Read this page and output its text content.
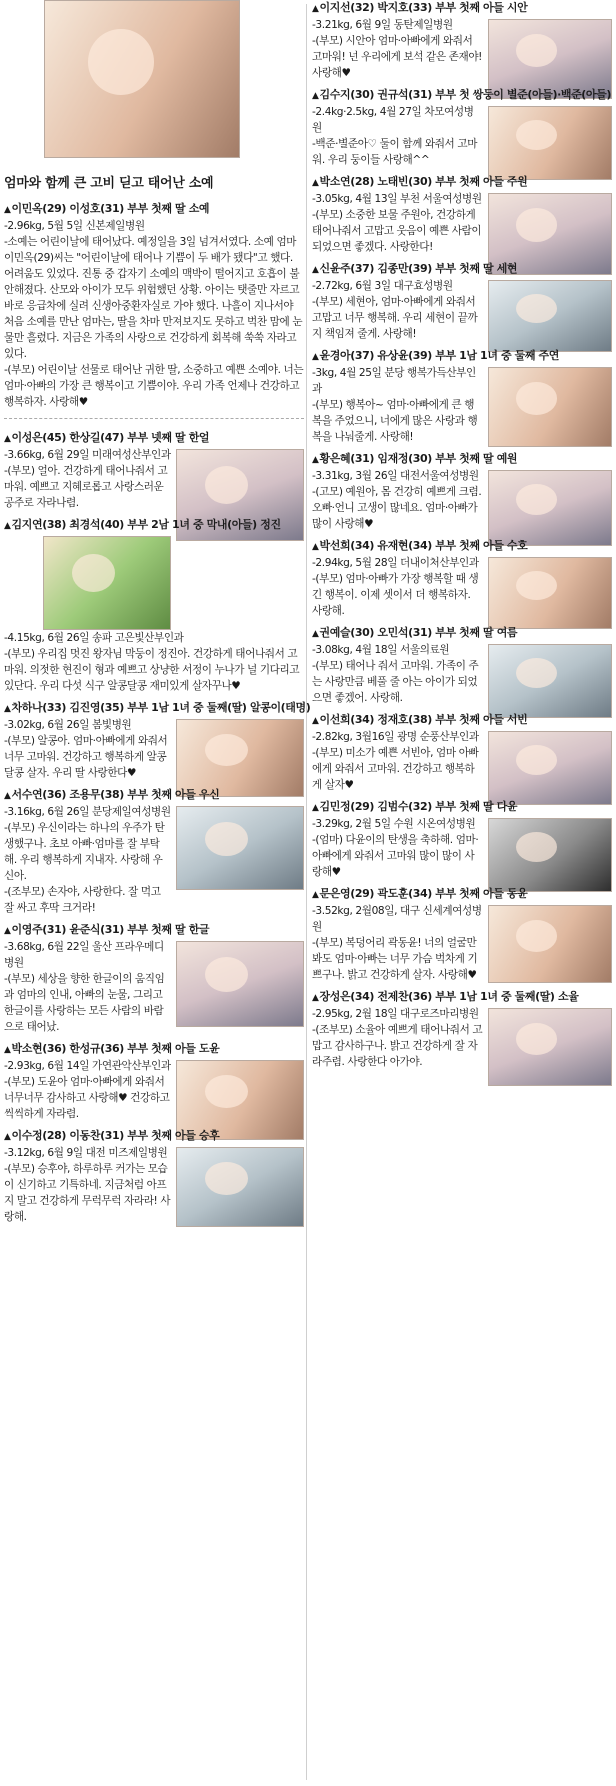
엄마와 함께 큰 고비 딛고 태어난 소예
▲이민옥(29) 이성호(31) 부부 첫째 딸 소예
-2.96kg, 5월 5일 신본제일병원
-소예는 어린이날에 태어났다. 예정일을 3일 넘겨서였다. 소예 엄마 이민옥(29)씨는 "어린이날에 태어나 기쁨이 두 배가 됐다"고 했다. 어려움도 있었다. 진통 중 갑자기 소예의 맥박이 떨어지고 호흡이 불안해졌다. 산모와 아이가 모두 위험했던 상황. 아이는 탯줄만 자르고 바로 응급차에 실려 신생아중환자실로 가야 했다. 나흘이 지나서야 처음 소예를 만난 엄마는, 딸을 차마 만져보지도 못하고 벅찬 맘에 눈물만 흘렸다. 지금은 가족의 사랑으로 건강하게 회복해 쑥쑥 자라고 있다.
-(부모) 어린이날 선물로 태어난 귀한 딸, 소중하고 예쁜 소예야. 너는 엄마·아빠의 가장 큰 행복이고 기쁨이야. 우리 가족 언제나 건강하고 행복하자. 사랑해♥
▲이성은(45) 한상길(47) 부부 넷째 딸 한얼
-3.66kg, 6월 29일 미래여성산부인과
-(부모) 얼아. 건강하게 태어나줘서 고마워. 예쁘고 지혜로롭고 사랑스러운 공주로 자라나렴.
▲김지연(38) 최경석(40) 부부 2남 1녀 중 막내(아들) 정진
-4.15kg, 6월 26일 송파 고은빛산부인과
-(부모) 우리집 멋진 왕자님 막둥이 정진아. 건강하게 태어나줘서 고마워. 의젓한 현진이 형과 예쁘고 상냥한 서정이 누나가 널 기다리고 있단다. 우리 다섯 식구 알콩달콩 재미있게 살자꾸나♥
▲차하나(33) 김진영(35) 부부 1남 1녀 중 둘째(딸) 알콩이(태명)
-3.02kg, 6월 26일 봄빛병원
-(부모) 알콩아. 엄마·아빠에게 와줘서 너무 고마워. 건강하고 행복하게 알콩달콩 살자. 우리 딸 사랑한다♥
▲서수연(36) 조용무(38) 부부 첫째 아들 우신
-3.16kg, 6월 26일 분당제일여성병원
-(부모) 우신이라는 하나의 우주가 탄생했구나. 초보 아빠·엄마를 잘 부탁해. 우리 행복하게 지내자. 사랑해 우신아.
-(조부모) 손자야, 사랑한다. 잘 먹고 잘 싸고 후딱 크거라!
▲이영주(31) 윤준식(31) 부부 첫째 딸 한글
-3.68kg, 6월 22일 울산 프라우메디병원
-(부모) 세상을 향한 한글이의 움직임과 엄마의 인내, 아빠의 눈물, 그리고 한글이를 사랑하는 모든 사람의 바람으로 태어났.
▲박소현(36) 한성규(36) 부부 첫째 아들 도윤
-2.93kg, 6월 14일 가연관악산부인과
-(부모) 도윤아 엄마·아빠에게 와줘서 너무너무 감사하고 사랑해♥ 건강하고 씩씩하게 자라렴.
▲이수정(28) 이동찬(31) 부부 첫째 아들 승후
-3.12kg, 6월 9일 대전 미즈제일병원
-(부모) 승후야, 하루하루 커가는 모습이 신기하고 기특하네. 지금처럼 아프지 말고 건강하게 무럭무럭 자라라! 사랑해.
▲이지선(32) 박지호(33) 부부 첫째 아들 시안
-3.21kg, 6월 9일 동탄제일병원
-(부모) 시안아 엄마·아빠에게 와줘서 고마워! 넌 우리에게 보석 같은 존재야! 사랑해♥
▲김수지(30) 권규석(31) 부부 첫 쌍둥이 별준(아들)·백준(아들)
-2.4kg·2.5kg, 4월 27일 차모여성병원
-백준·별준아♡ 둘이 함께 와줘서 고마워. 우리 둥이들 사랑해^^
▲박소연(28) 노태빈(30) 부부 첫째 아들 주원
-3.05kg, 4월 13일 부천 서울여성병원
-(부모) 소중한 보물 주원아, 건강하게 태어나줘서 고맙고 웃음이 예쁜 사람이 되었으면 좋겠다. 사랑한다!
▲신윤주(37) 김종만(39) 부부 첫째 딸 세현
-2.72kg, 6월 3일 대구효성병원
-(부모) 세현아, 엄마·아빠에게 와줘서 고맙고 너무 행복해. 우리 세현이 끝까지 책임져 줄게. 사랑해!
▲윤경아(37) 유상윤(39) 부부 1남 1녀 중 둘째 주연
-3kg, 4월 25일 분당 행복가득산부인과
-(부모) 행복아~ 엄마·아빠에게 큰 행복을 주었으니, 너에게 많은 사랑과 행복을 나눠줄게. 사랑해!
▲황은혜(31) 임재정(30) 부부 첫째 딸 예원
-3.31kg, 3월 26일 대전서울여성병원
-(고모) 예원아, 몸 건강히 예쁘게 크렴. 오빠·언니 고생이 많네요. 엄마·아빠가 많이 사랑해♥
▲박선희(34) 유재현(34) 부부 첫째 아들 수호
-2.94kg, 5월 28일 더내이처산부인과
-(부모) 엄마·아빠가 가장 행복할 때 생긴 행복이. 이제 셋이서 더 행복하자. 사랑해.
▲권예슬(30) 오민석(31) 부부 첫째 딸 여름
-3.08kg, 4월 18일 서울의료원
-(부모) 태어나 줘서 고마워. 가족이 주는 사랑만큼 베풀 줄 아는 아이가 되었으면 좋겠어. 사랑해.
▲이선희(34) 정재호(38) 부부 첫째 아들 서빈
-2.82kg, 3월16일 광명 순풍산부인과
-(부모) 미소가 예쁜 서빈아, 엄마 아빠에게 와줘서 고마워. 건강하고 행복하게 살자♥
▲김민정(29) 김범수(32) 부부 첫째 딸 다윤
-3.29kg, 2월 5일 수원 시온여성병원
-(엄마) 다윤이의 탄생을 축하해. 엄마·아빠에게 와줘서 고마워 많이 많이 사랑해♥
▲문은영(29) 곽도훈(34) 부부 첫째 아들 동윤
-3.52kg, 2월08일, 대구 신세계여성병원
-(부모) 복덩어리 곽동윤! 너의 얼굴만 봐도 엄마·아빠는 너무 가슴 벅차게 기쁘구나. 밝고 건강하게 살자. 사랑해♥
▲장성은(34) 전제찬(36) 부부 1남 1녀 중 둘째(딸) 소율
-2.95kg, 2월 18일 대구로즈마리병원
-(조부모) 소율아 예쁘게 태어나줘서 고맙고 감사하구나. 밝고 건강하게 잘 자라주렴. 사랑한다 아가야.
